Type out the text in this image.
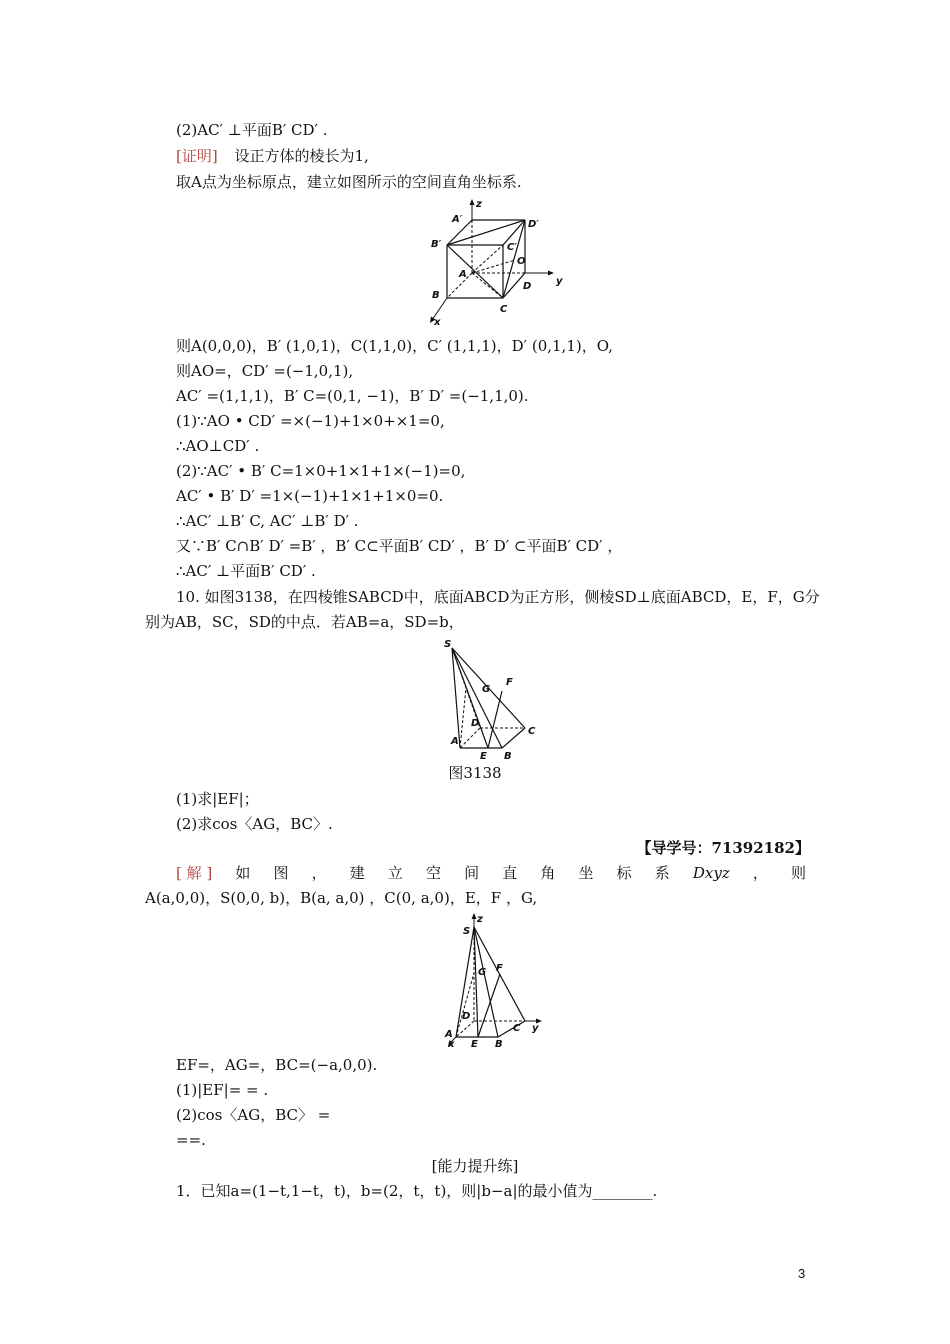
(2)AC′ ⊥平面B′ CD′ .
[证明] 设正方体的棱长为1,
取A点为坐标原点，建立如图所示的空间直角坐标系.
z
A′	D′
B′	C′
O
A
y
B
D
C
x
则A(0,0,0)，B′ (1,0,1)，C(1,1,0)，C′ (1,1,1)，D′ (0,1,1)，O,
则AO=，CD′ =(−1,0,1),
AC′ =(1,1,1)，B′ C=(0,1, −1)，B′ D′ =(−1,1,0).
(1)∵AO • CD′ =×(−1)+1×0+×1=0,
∴AO⊥CD′ .
(2)∵AC′ • B′ C=1×0+1×1+1×(−1)=0,
AC′ • B′ D′ =1×(−1)+1×1+1×0=0.
∴AC′ ⊥B′ C, AC′ ⊥B′ D′ .
又∵B′ C∩B′ D′ =B′ ，B′ C⊂平面B′ CD′ ，B′ D′ ⊂平面B′ CD′ ，
∴AC′ ⊥平面B′ CD′ .
10. 如图3138，在四棱锥SABCD中，底面ABCD为正方形，侧棱SD⊥底面ABCD，E，F，G分
别为AB，SC，SD的中点．若AB=a，SD=b，
S
G
F
D
C
A
E B
图3138
(1)求|EF|；
(2)求cos〈AG，BC〉.
【导学号：71392182】
[ 解 ] 如 图 ， 建 立 空 间 直 角 坐 标 系 Dxyz ， 则
A(a,0,0)，S(0,0, b)，B(a, a,0) ，C(0, a,0)，E，F ，G,
z
S
G F
D
C y
A
x E B
EF=，AG=，BC=(−a,0,0).
(1)|EF|= = .
(2)cos〈AG，BC〉 =
==.
[能力提升练]
1．已知a=(1−t,1−t，t)，b=(2，t，t)，则|b−a|的最小值为________.
3
